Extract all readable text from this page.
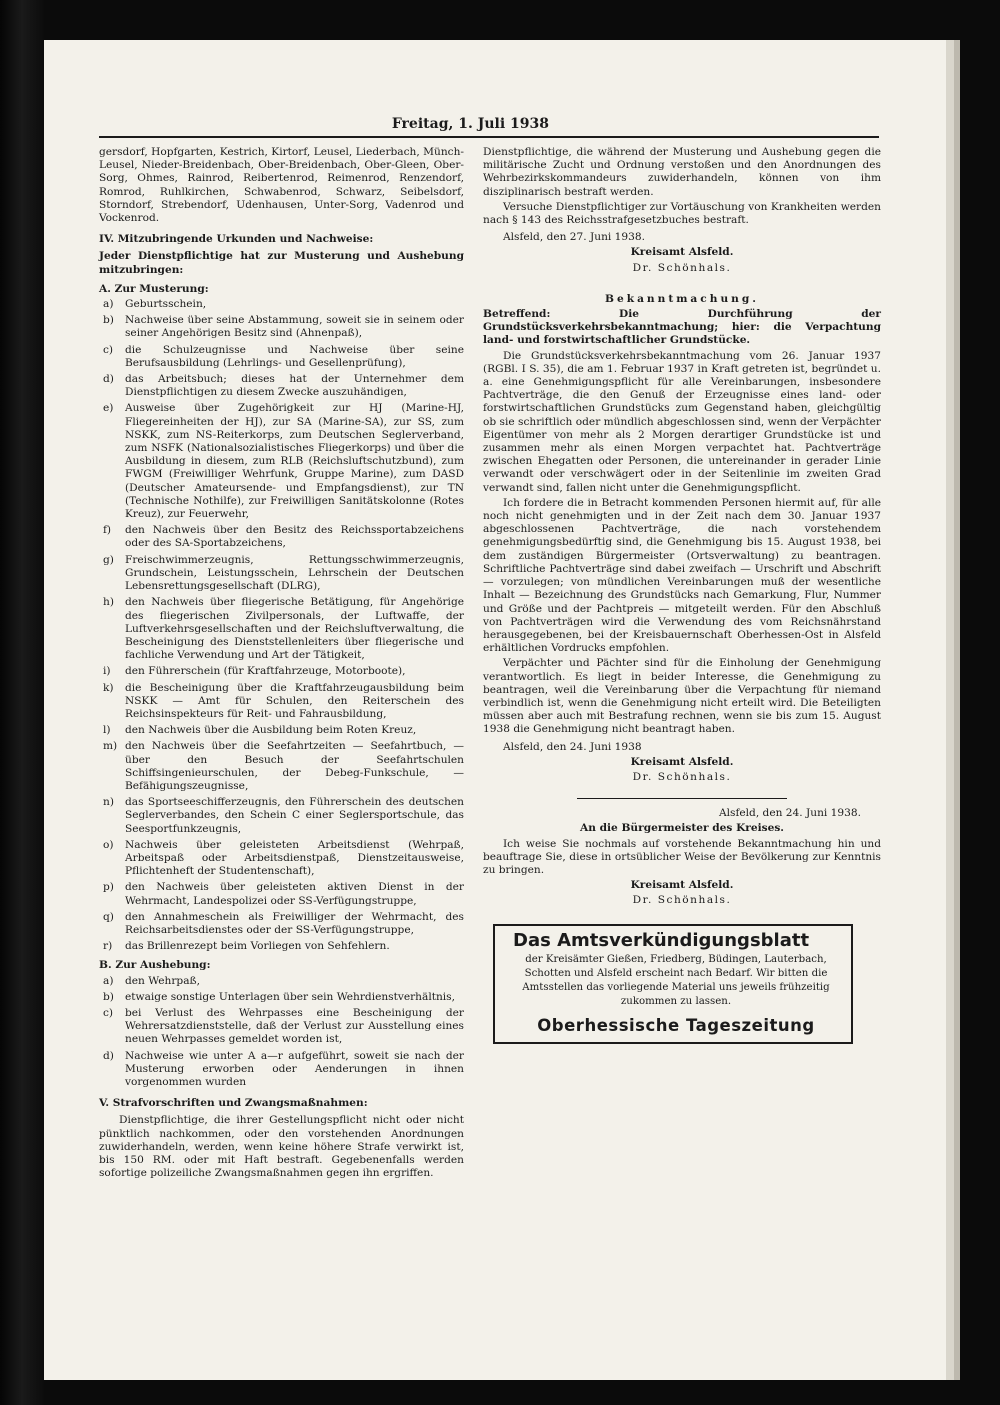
Freitag, 1. Juli 1938

gersdorf, Hopfgarten, Kestrich, Kirtorf, Leusel, Liederbach, Münch-Leusel, Nieder-Breidenbach, Ober-Breidenbach, Ober-Gleen, Ober-Sorg, Ohmes, Rainrod, Reibertenrod, Reimenrod, Renzendorf, Romrod, Ruhlkirchen, Schwabenrod, Schwarz, Seibelsdorf, Storndorf, Strebendorf, Udenhausen, Unter-Sorg, Vadenrod und Vockenrod.

IV. Mitzubringende Urkunden und Nachweise:

Jeder Dienstpflichtige hat zur Musterung und Aushebung mitzubringen:

A. Zur Musterung:

a) Geburtsschein,
b) Nachweise über seine Abstammung, soweit sie in seinem oder seiner Angehörigen Besitz sind (Ahnenpaß),
c) die Schulzeugnisse und Nachweise über seine Berufsausbildung (Lehrlings- und Gesellenprüfung),
d) das Arbeitsbuch; dieses hat der Unternehmer dem Dienstpflichtigen zu diesem Zwecke auszuhändigen,
e) Ausweise über Zugehörigkeit zur HJ (Marine-HJ, Fliegereinheiten der HJ), zur SA (Marine-SA), zur SS, zum NSKK, zum NS-Reiterkorps, zum Deutschen Seglerverband, zum NSFK (Nationalsozialistisches Fliegerkorps) und über die Ausbildung in diesem, zum RLB (Reichsluftschutzbund), zum FWGM (Freiwilliger Wehrfunk, Gruppe Marine), zum DASD (Deutscher Amateursende- und Empfangsdienst), zur TN (Technische Nothilfe), zur Freiwilligen Sanitätskolonne (Rotes Kreuz), zur Feuerwehr,
f) den Nachweis über den Besitz des Reichssportabzeichens oder des SA-Sportabzeichens,
g) Freischwimmerzeugnis, Rettungsschwimmerzeugnis, Grundschein, Leistungsschein, Lehrschein der Deutschen Lebensrettungsgesellschaft (DLRG),
h) den Nachweis über fliegerische Betätigung, für Angehörige des fliegerischen Zivilpersonals, der Luftwaffe, der Luftverkehrsgesellschaften und der Reichsluftverwaltung, die Bescheinigung des Dienststellenleiters über fliegerische und fachliche Verwendung und Art der Tätigkeit,
i) den Führerschein (für Kraftfahrzeuge, Motorboote),
k) die Bescheinigung über die Kraftfahrzeugausbildung beim NSKK — Amt für Schulen, den Reiterschein des Reichsinspekteurs für Reit- und Fahrausbildung,
l) den Nachweis über die Ausbildung beim Roten Kreuz,
m) den Nachweis über die Seefahrtzeiten — Seefahrtbuch, — über den Besuch der Seefahrtschulen Schiffsingenieurschulen, der Debeg-Funkschule, — Befähigungszeugnisse,
n) das Sportseeschifferzeugnis, den Führerschein des deutschen Seglerverbandes, den Schein C einer Seglersportschule, das Seesportfunkzeugnis,
o) Nachweis über geleisteten Arbeitsdienst (Wehrpaß, Arbeitspaß oder Arbeitsdienstpaß, Dienstzeitausweise, Pflichtenheft der Studentenschaft),
p) den Nachweis über geleisteten aktiven Dienst in der Wehrmacht, Landespolizei oder SS-Verfügungstruppe,
q) den Annahmeschein als Freiwilliger der Wehrmacht, des Reichsarbeitsdienstes oder der SS-Verfügungstruppe,
r) das Brillenrezept beim Vorliegen von Sehfehlern.

B. Zur Aushebung:

a) den Wehrpaß,
b) etwaige sonstige Unterlagen über sein Wehrdienstverhältnis,
c) bei Verlust des Wehrpasses eine Bescheinigung der Wehrersatzdienststelle, daß der Verlust zur Ausstellung eines neuen Wehrpasses gemeldet worden ist,
d) Nachweise wie unter A a—r aufgeführt, soweit sie nach der Musterung erworben oder Aenderungen in ihnen vorgenommen wurden

V. Strafvorschriften und Zwangsmaßnahmen:

Dienstpflichtige, die ihrer Gestellungspflicht nicht oder nicht pünktlich nachkommen, oder den vorstehenden Anordnungen zuwiderhandeln, werden, wenn keine höhere Strafe verwirkt ist, bis 150 RM. oder mit Haft bestraft. Gegebenenfalls werden sofortige polizeiliche Zwangsmaßnahmen gegen ihn ergriffen.

Dienstpflichtige, die während der Musterung und Aushebung gegen die militärische Zucht und Ordnung verstoßen und den Anordnungen des Wehrbezirkskommandeurs zuwiderhandeln, können von ihm disziplinarisch bestraft werden.

Versuche Dienstpflichtiger zur Vortäuschung von Krankheiten werden nach § 143 des Reichsstrafgesetzbuches bestraft.

Alsfeld, den 27. Juni 1938.

Kreisamt Alsfeld.

Dr. Schönhals.

Bekanntmachung.

Betreffend: Die Durchführung der Grundstücksverkehrsbekanntmachung; hier: die Verpachtung land- und forstwirtschaftlicher Grundstücke.

Die Grundstücksverkehrsbekanntmachung vom 26. Januar 1937 (RGBl. I S. 35), die am 1. Februar 1937 in Kraft getreten ist, begründet u. a. eine Genehmigungspflicht für alle Vereinbarungen, insbesondere Pachtverträge, die den Genuß der Erzeugnisse eines land- oder forstwirtschaftlichen Grundstücks zum Gegenstand haben, gleichgültig ob sie schriftlich oder mündlich abgeschlossen sind, wenn der Verpächter Eigentümer von mehr als 2 Morgen derartiger Grundstücke ist und zusammen mehr als einen Morgen verpachtet hat. Pachtverträge zwischen Ehegatten oder Personen, die untereinander in gerader Linie verwandt oder verschwägert oder in der Seitenlinie im zweiten Grad verwandt sind, fallen nicht unter die Genehmigungspflicht.

Ich fordere die in Betracht kommenden Personen hiermit auf, für alle noch nicht genehmigten und in der Zeit nach dem 30. Januar 1937 abgeschlossenen Pachtverträge, die nach vorstehendem genehmigungsbedürftig sind, die Genehmigung bis 15. August 1938, bei dem zuständigen Bürgermeister (Ortsverwaltung) zu beantragen. Schriftliche Pachtverträge sind dabei zweifach — Urschrift und Abschrift — vorzulegen; von mündlichen Vereinbarungen muß der wesentliche Inhalt — Bezeichnung des Grundstücks nach Gemarkung, Flur, Nummer und Größe und der Pachtpreis — mitgeteilt werden. Für den Abschluß von Pachtverträgen wird die Verwendung des vom Reichsnährstand herausgegebenen, bei der Kreisbauernschaft Oberhessen-Ost in Alsfeld erhältlichen Vordrucks empfohlen.

Verpächter und Pächter sind für die Einholung der Genehmigung verantwortlich. Es liegt in beider Interesse, die Genehmigung zu beantragen, weil die Vereinbarung über die Verpachtung für niemand verbindlich ist, wenn die Genehmigung nicht erteilt wird. Die Beteiligten müssen aber auch mit Bestrafung rechnen, wenn sie bis zum 15. August 1938 die Genehmigung nicht beantragt haben.

Alsfeld, den 24. Juni 1938

Kreisamt Alsfeld.

Dr. Schönhals.

Alsfeld, den 24. Juni 1938.

An die Bürgermeister des Kreises.

Ich weise Sie nochmals auf vorstehende Bekanntmachung hin und beauftrage Sie, diese in ortsüblicher Weise der Bevölkerung zur Kenntnis zu bringen.

Kreisamt Alsfeld.

Dr. Schönhals.

Das Amtsverkündigungsblatt
der Kreisämter Gießen, Friedberg, Büdingen, Lauterbach, Schotten und Alsfeld erscheint nach Bedarf. Wir bitten die Amtsstellen das vorliegende Material uns jeweils frühzeitig zukommen zu lassen.
Oberhessische Tageszeitung
